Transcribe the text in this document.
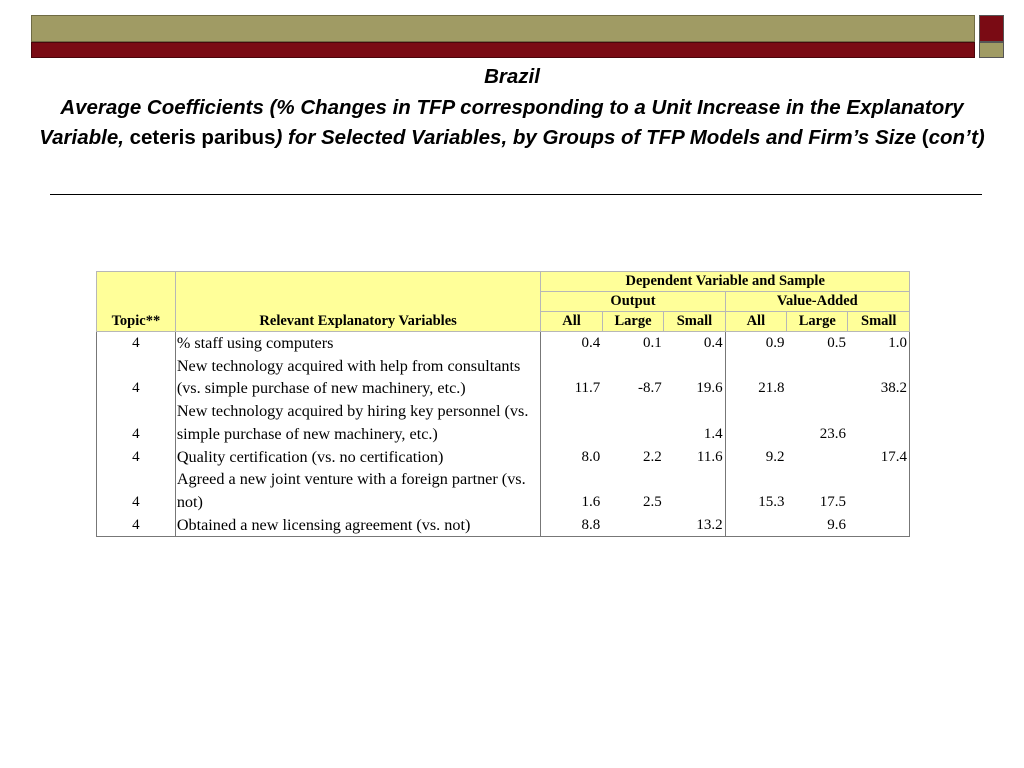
Brazil
Average Coefficients (% Changes in TFP corresponding to a Unit Increase in the Explanatory Variable, ceteris paribus) for Selected Variables, by Groups of TFP Models and Firm’s Size (con’t)
Topic**	Relevant Explanatory Variables	Dependent Variable and Sample					
		Output			Value-Added		
		All	Large	Small	All	Large	Small
4	% staff using computers	0.4	0.1	0.4	0.9	0.5	1.0
4	New technology acquired with help from consultants (vs. simple purchase of new machinery, etc.)	11.7	-8.7	19.6	21.8		38.2
4	New technology acquired by hiring key personnel (vs. simple purchase of new machinery, etc.)			1.4		23.6	
4	Quality certification (vs. no certification)	8.0	2.2	11.6	9.2		17.4
4	Agreed a new joint venture with a foreign partner (vs. not)	1.6	2.5		15.3	17.5	
4	Obtained a new licensing agreement (vs. not)	8.8		13.2		9.6	
